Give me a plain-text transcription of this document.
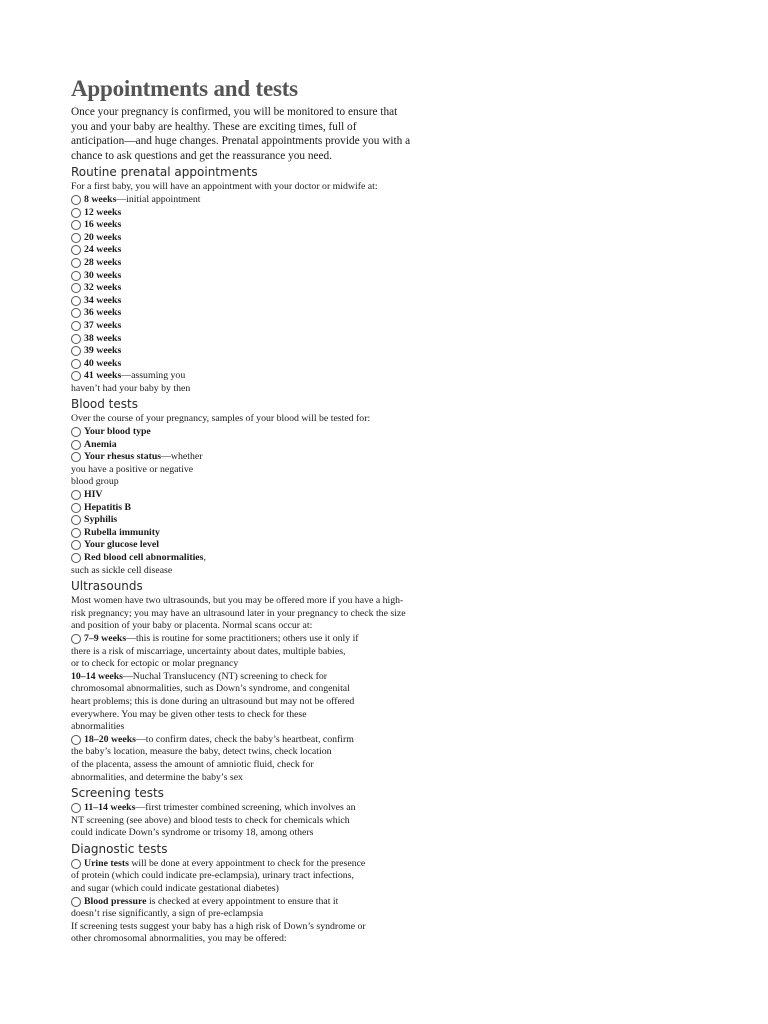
Appointments and tests

Once your pregnancy is confirmed, you will be monitored to ensure that you and your baby are healthy. These are exciting times, full of anticipation—and huge changes. Prenatal appointments provide you with a chance to ask questions and get the reassurance you need.

Routine prenatal appointments

For a first baby, you will have an appointment with your doctor or midwife at:

8 weeks—initial appointment
12 weeks
16 weeks
20 weeks
24 weeks
28 weeks
30 weeks
32 weeks
34 weeks
36 weeks
37 weeks
38 weeks
39 weeks
40 weeks
41 weeks—assuming you

haven’t had your baby by then

Blood tests

Over the course of your pregnancy, samples of your blood will be tested for:

Your blood type
Anemia
Your rhesus status—whether

you have a positive or negative

blood group

HIV
Hepatitis B
Syphilis
Rubella immunity
Your glucose level
Red blood cell abnormalities,

such as sickle cell disease

Ultrasounds

Most women have two ultrasounds, but you may be offered more if you have a high-risk pregnancy; you may have an ultrasound later in your pregnancy to check the size and position of your baby or placenta. Normal scans occur at:

7–9 weeks—this is routine for some practitioners; others use it only if

there is a risk of miscarriage, uncertainty about dates, multiple babies,

or to check for ectopic or molar pregnancy

10–14 weeks—Nuchal Translucency (NT) screening to check for

chromosomal abnormalities, such as Down’s syndrome, and congenital

heart problems; this is done during an ultrasound but may not be offered

everywhere. You may be given other tests to check for these

abnormalities

18–20 weeks—to confirm dates, check the baby’s heartbeat, confirm

the baby’s location, measure the baby, detect twins, check location

of the placenta, assess the amount of amniotic fluid, check for

abnormalities, and determine the baby’s sex

Screening tests
11–14 weeks—first trimester combined screening, which involves an

NT screening (see above) and blood tests to check for chemicals which

could indicate Down’s syndrome or trisomy 18, among others

Diagnostic tests
Urine tests will be done at every appointment to check for the presence

of protein (which could indicate pre-eclampsia), urinary tract infections,

and sugar (which could indicate gestational diabetes)

Blood pressure is checked at every appointment to ensure that it

doesn’t rise significantly, a sign of pre-eclampsia

If screening tests suggest your baby has a high risk of Down’s syndrome or

other chromosomal abnormalities, you may be offered:
